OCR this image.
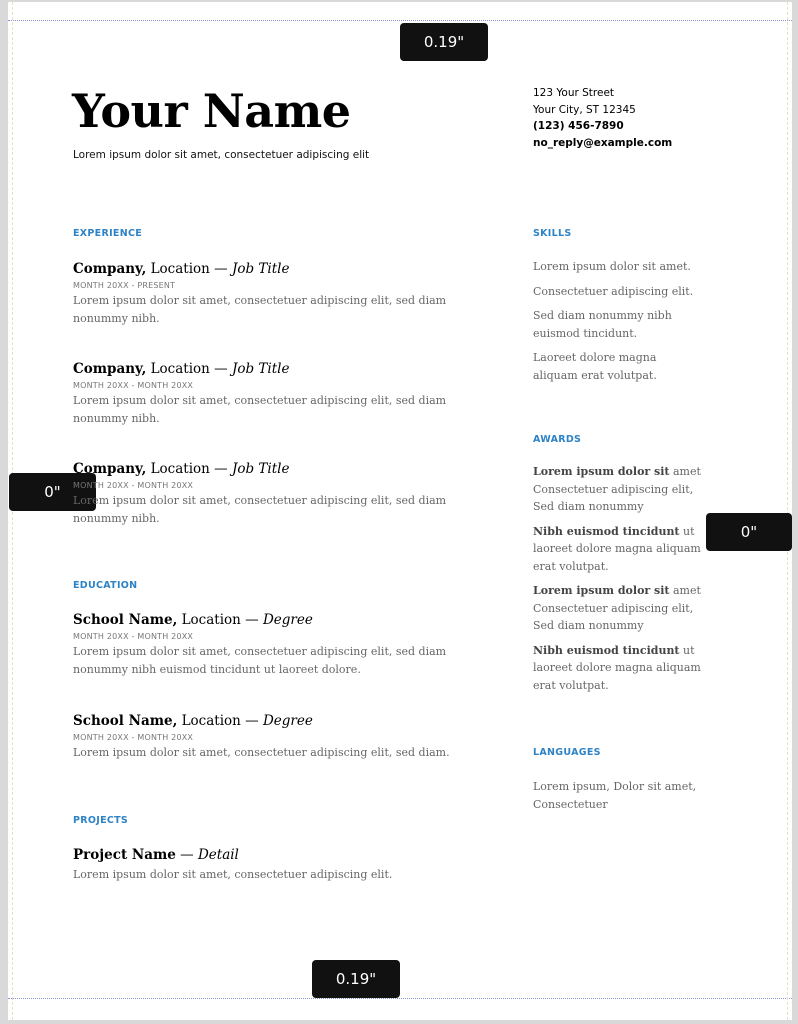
0.19"
0.19"
0"
0"
Your Name
Lorem ipsum dolor sit amet, consectetuer adipiscing elit
123 Your Street
Your City, ST 12345
(123) 456-7890
no_reply@example.com
EXPERIENCE
Company, Location — Job Title
MONTH 20XX - PRESENT
Lorem ipsum dolor sit amet, consectetuer adipiscing elit, sed diam nonummy nibh.
Company, Location — Job Title
MONTH 20XX - MONTH 20XX
Lorem ipsum dolor sit amet, consectetuer adipiscing elit, sed diam nonummy nibh.
Company, Location — Job Title
MONTH 20XX - MONTH 20XX
Lorem ipsum dolor sit amet, consectetuer adipiscing elit, sed diam nonummy nibh.
EDUCATION
School Name, Location — Degree
MONTH 20XX - MONTH 20XX
Lorem ipsum dolor sit amet, consectetuer adipiscing elit, sed diam nonummy nibh euismod tincidunt ut laoreet dolore.
School Name, Location — Degree
MONTH 20XX - MONTH 20XX
Lorem ipsum dolor sit amet, consectetuer adipiscing elit, sed diam.
PROJECTS
Project Name — Detail
Lorem ipsum dolor sit amet, consectetuer adipiscing elit.
SKILLS
Lorem ipsum dolor sit amet.
Consectetuer adipiscing elit.
Sed diam nonummy nibh euismod tincidunt.
Laoreet dolore magna aliquam erat volutpat.
AWARDS
Lorem ipsum dolor sit amet Consectetuer adipiscing elit, Sed diam nonummy
Nibh euismod tincidunt ut laoreet dolore magna aliquam erat volutpat.
Lorem ipsum dolor sit amet Consectetuer adipiscing elit, Sed diam nonummy
Nibh euismod tincidunt ut laoreet dolore magna aliquam erat volutpat.
LANGUAGES
Lorem ipsum, Dolor sit amet, Consectetuer
